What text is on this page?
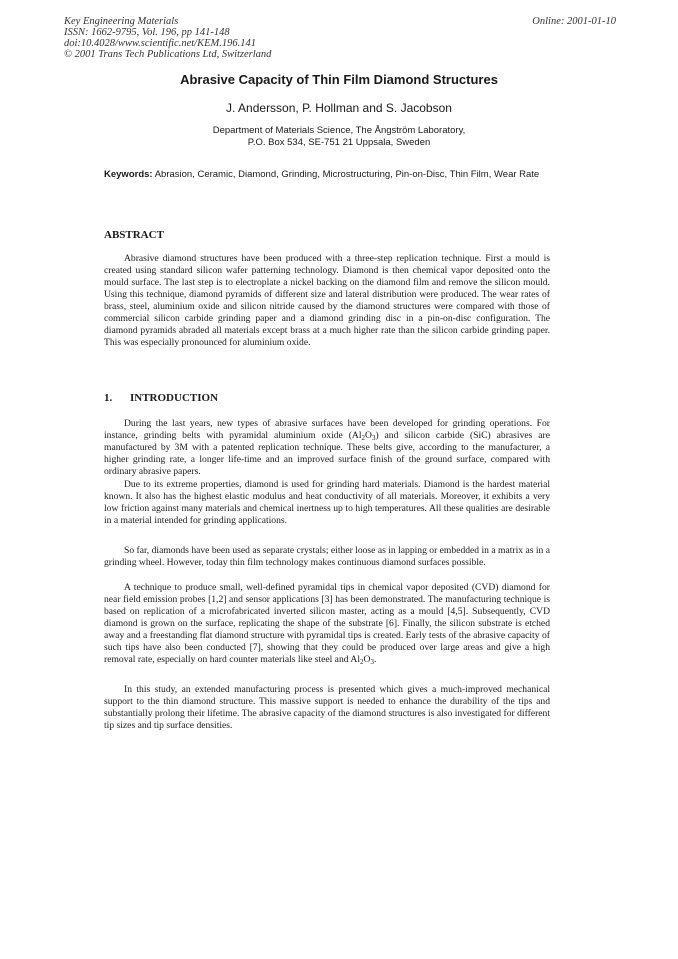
Key Engineering Materials
ISSN: 1662-9795, Vol. 196, pp 141-148
doi:10.4028/www.scientific.net/KEM.196.141
© 2001 Trans Tech Publications Ltd, Switzerland
Online: 2001-01-10
Abrasive Capacity of Thin Film Diamond Structures
J. Andersson, P. Hollman and S. Jacobson
Department of Materials Science, The Ångström Laboratory,
P.O. Box 534, SE-751 21 Uppsala, Sweden
Keywords: Abrasion, Ceramic, Diamond, Grinding, Microstructuring, Pin-on-Disc, Thin Film, Wear Rate
ABSTRACT

Abrasive diamond structures have been produced with a three-step replication technique. First a mould is created using standard silicon wafer patterning technology. Diamond is then chemical vapor deposited onto the mould surface. The last step is to electroplate a nickel backing on the diamond film and remove the silicon mould. Using this technique, diamond pyramids of different size and lateral distribution were produced. The wear rates of brass, steel, aluminium oxide and silicon nitride caused by the diamond structures were compared with those of commercial silicon carbide grinding paper and a diamond grinding disc in a pin-on-disc configuration. The diamond pyramids abraded all materials except brass at a much higher rate than the silicon carbide grinding paper. This was especially pronounced for aluminium oxide.

1. INTRODUCTION

During the last years, new types of abrasive surfaces have been developed for grinding operations. For instance, grinding belts with pyramidal aluminium oxide $(Al_2O_3)$ and silicon carbide (SiC) abrasives are manufactured by 3M with a patented replication technique. These belts give, according to the manufacturer, a higher grinding rate, a longer life-time and an improved surface finish of the ground surface, compared with ordinary abrasive papers.

Due to its extreme properties, diamond is used for grinding hard materials. Diamond is the hardest material known. It also has the highest elastic modulus and heat conductivity of all materials. Moreover, it exhibits a very low friction against many materials and chemical inertness up to high temperatures. All these qualities are desirable in a material intended for grinding applications.

So far, diamonds have been used as separate crystals; either loose as in lapping or embedded in a matrix as in a grinding wheel. However, today thin film technology makes continuous diamond surfaces possible.

A technique to produce small, well-defined pyramidal tips in chemical vapor deposited (CVD) diamond for near field emission probes [1,2] and sensor applications [3] has been demonstrated. The manufacturing technique is based on replication of a microfabricated inverted silicon master, acting as a mould [4,5]. Subsequently, CVD diamond is grown on the surface, replicating the shape of the substrate [6]. Finally, the silicon substrate is etched away and a freestanding flat diamond structure with pyramidal tips is created. Early tests of the abrasive capacity of such tips have also been conducted [7], showing that they could be produced over large areas and give a high removal rate, especially on hard counter materials like steel and $Al_2O_3$.

In this study, an extended manufacturing process is presented which gives a much-improved mechanical support to the thin diamond structure. This massive support is needed to enhance the durability of the tips and substantially prolong their lifetime. The abrasive capacity of the diamond structures is also investigated for different tip sizes and tip surface densities.
